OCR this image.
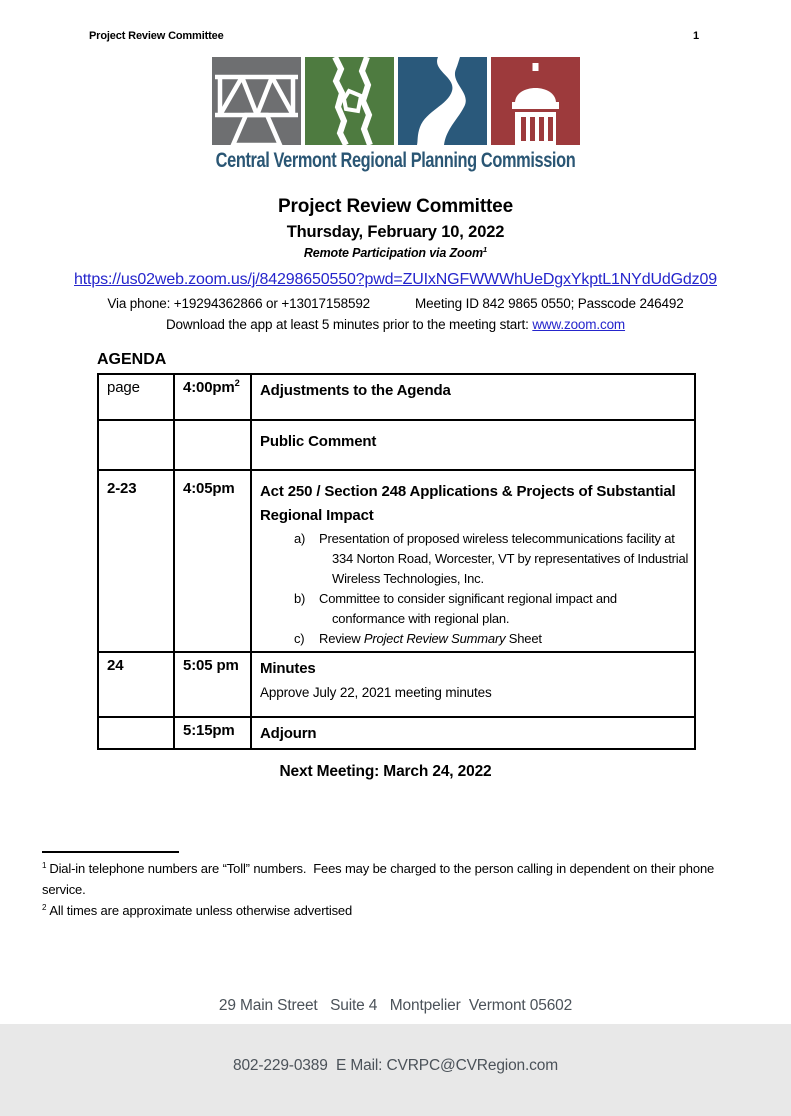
Project Review Committee	1
Central Vermont Regional Planning Commission
Project Review Committee
Thursday, February 10, 2022
Remote Participation via Zoom$^1$
https://us02web.zoom.us/j/84298650550?pwd=ZUIxNGFWWWhUeDgxYkptL1NYdUdGdz09
Via phone: +19294362866 or +13017158592	Meeting ID 842 9865 0550; Passcode 246492
Download the app at least 5 minutes prior to the meeting start: www.zoom.com
AGENDA
page	$4:00pm^2$	Adjustments to the Agenda
		Public Comment
2-23	4:05pm	Act 250 / Section 248 Applications & Projects of Substantial Regional Impact
a)	Presentation of proposed wireless telecommunications facility at 334 Norton Road, Worcester, VT by representatives of Industrial Wireless Technologies, Inc.
b)	Committee to consider significant regional impact and conformance with regional plan.
c)	Review Project Review Summary Sheet

24	5:05 pm	Minutes
Approve July 22, 2021 meeting minutes

	5:15pm	Adjourn
Next Meeting: March 24, 2022
$^1$ Dial-in telephone numbers are “Toll” numbers.  Fees may be charged to the person calling in dependent on their phone service.
$^2$ All times are approximate unless otherwise advertised

29 Main Street   Suite 4   Montpelier  Vermont 05602

802-229-0389  E Mail: CVRPC@CVRegion.com
